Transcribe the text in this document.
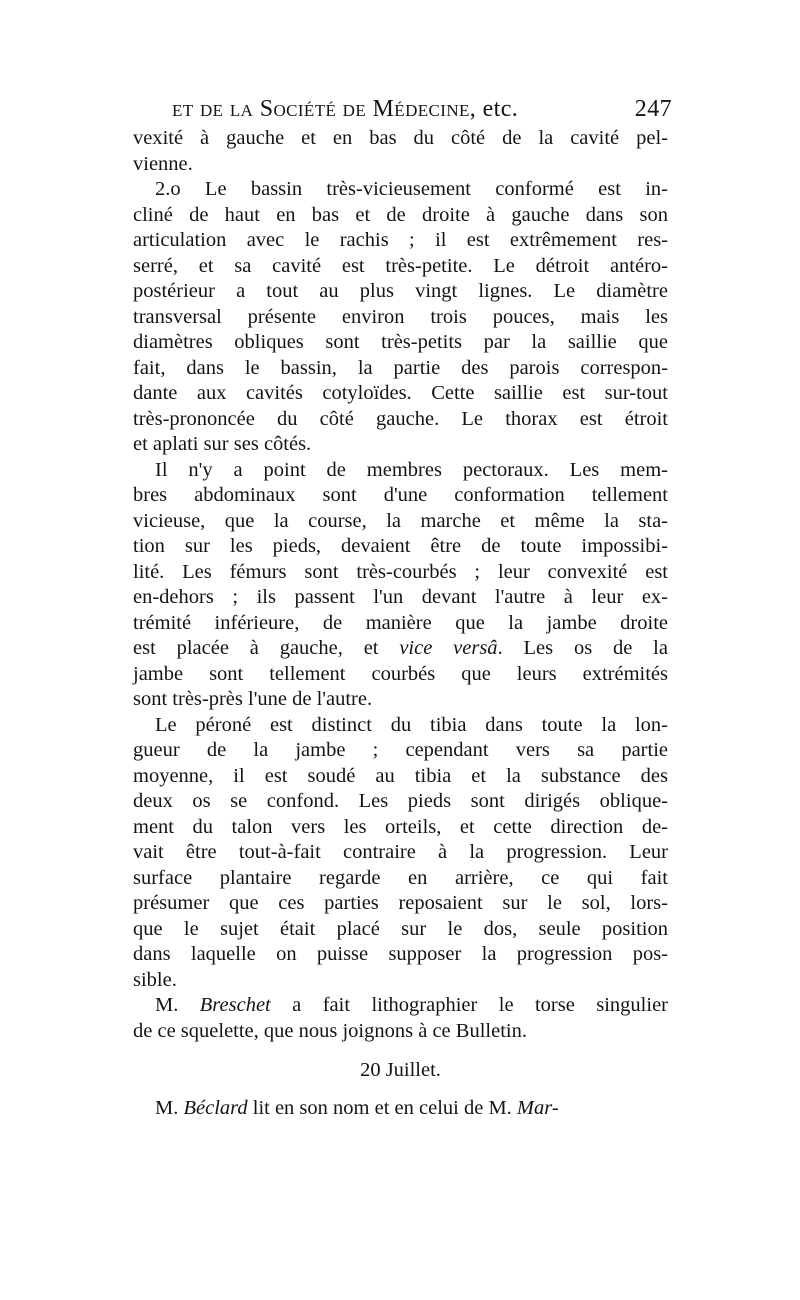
et de la Société de Médecine, etc.	247

vexité à gauche et en bas du côté de la cavité pel-

vienne.

2.o Le bassin très-vicieusement conformé est in-

cliné de haut en bas et de droite à gauche dans son

articulation avec le rachis ; il est extrêmement res-

serré, et sa cavité est très-petite. Le détroit antéro-

postérieur a tout au plus vingt lignes. Le diamètre

transversal présente environ trois pouces, mais les

diamètres obliques sont très-petits par la saillie que

fait, dans le bassin, la partie des parois correspon-

dante aux cavités cotyloïdes. Cette saillie est sur-tout

très-prononcée du côté gauche. Le thorax est étroit

et aplati sur ses côtés.

Il n'y a point de membres pectoraux. Les mem-

bres abdominaux sont d'une conformation tellement

vicieuse, que la course, la marche et même la sta-

tion sur les pieds, devaient être de toute impossibi-

lité. Les fémurs sont très-courbés ; leur convexité est

en-dehors ; ils passent l'un devant l'autre à leur ex-

trémité inférieure, de manière que la jambe droite

est placée à gauche, et vice versâ. Les os de la

jambe sont tellement courbés que leurs extrémités

sont très-près l'une de l'autre.

Le péroné est distinct du tibia dans toute la lon-

gueur de la jambe ; cependant vers sa partie

moyenne, il est soudé au tibia et la substance des

deux os se confond. Les pieds sont dirigés oblique-

ment du talon vers les orteils, et cette direction de-

vait être tout-à-fait contraire à la progression. Leur

surface plantaire regarde en arrière, ce qui fait

présumer que ces parties reposaient sur le sol, lors-

que le sujet était placé sur le dos, seule position

dans laquelle on puisse supposer la progression pos-

sible.

M. Breschet a fait lithographier le torse singulier

de ce squelette, que nous joignons à ce Bulletin.

20 Juillet.

M. Béclard lit en son nom et en celui de M. Mar-
